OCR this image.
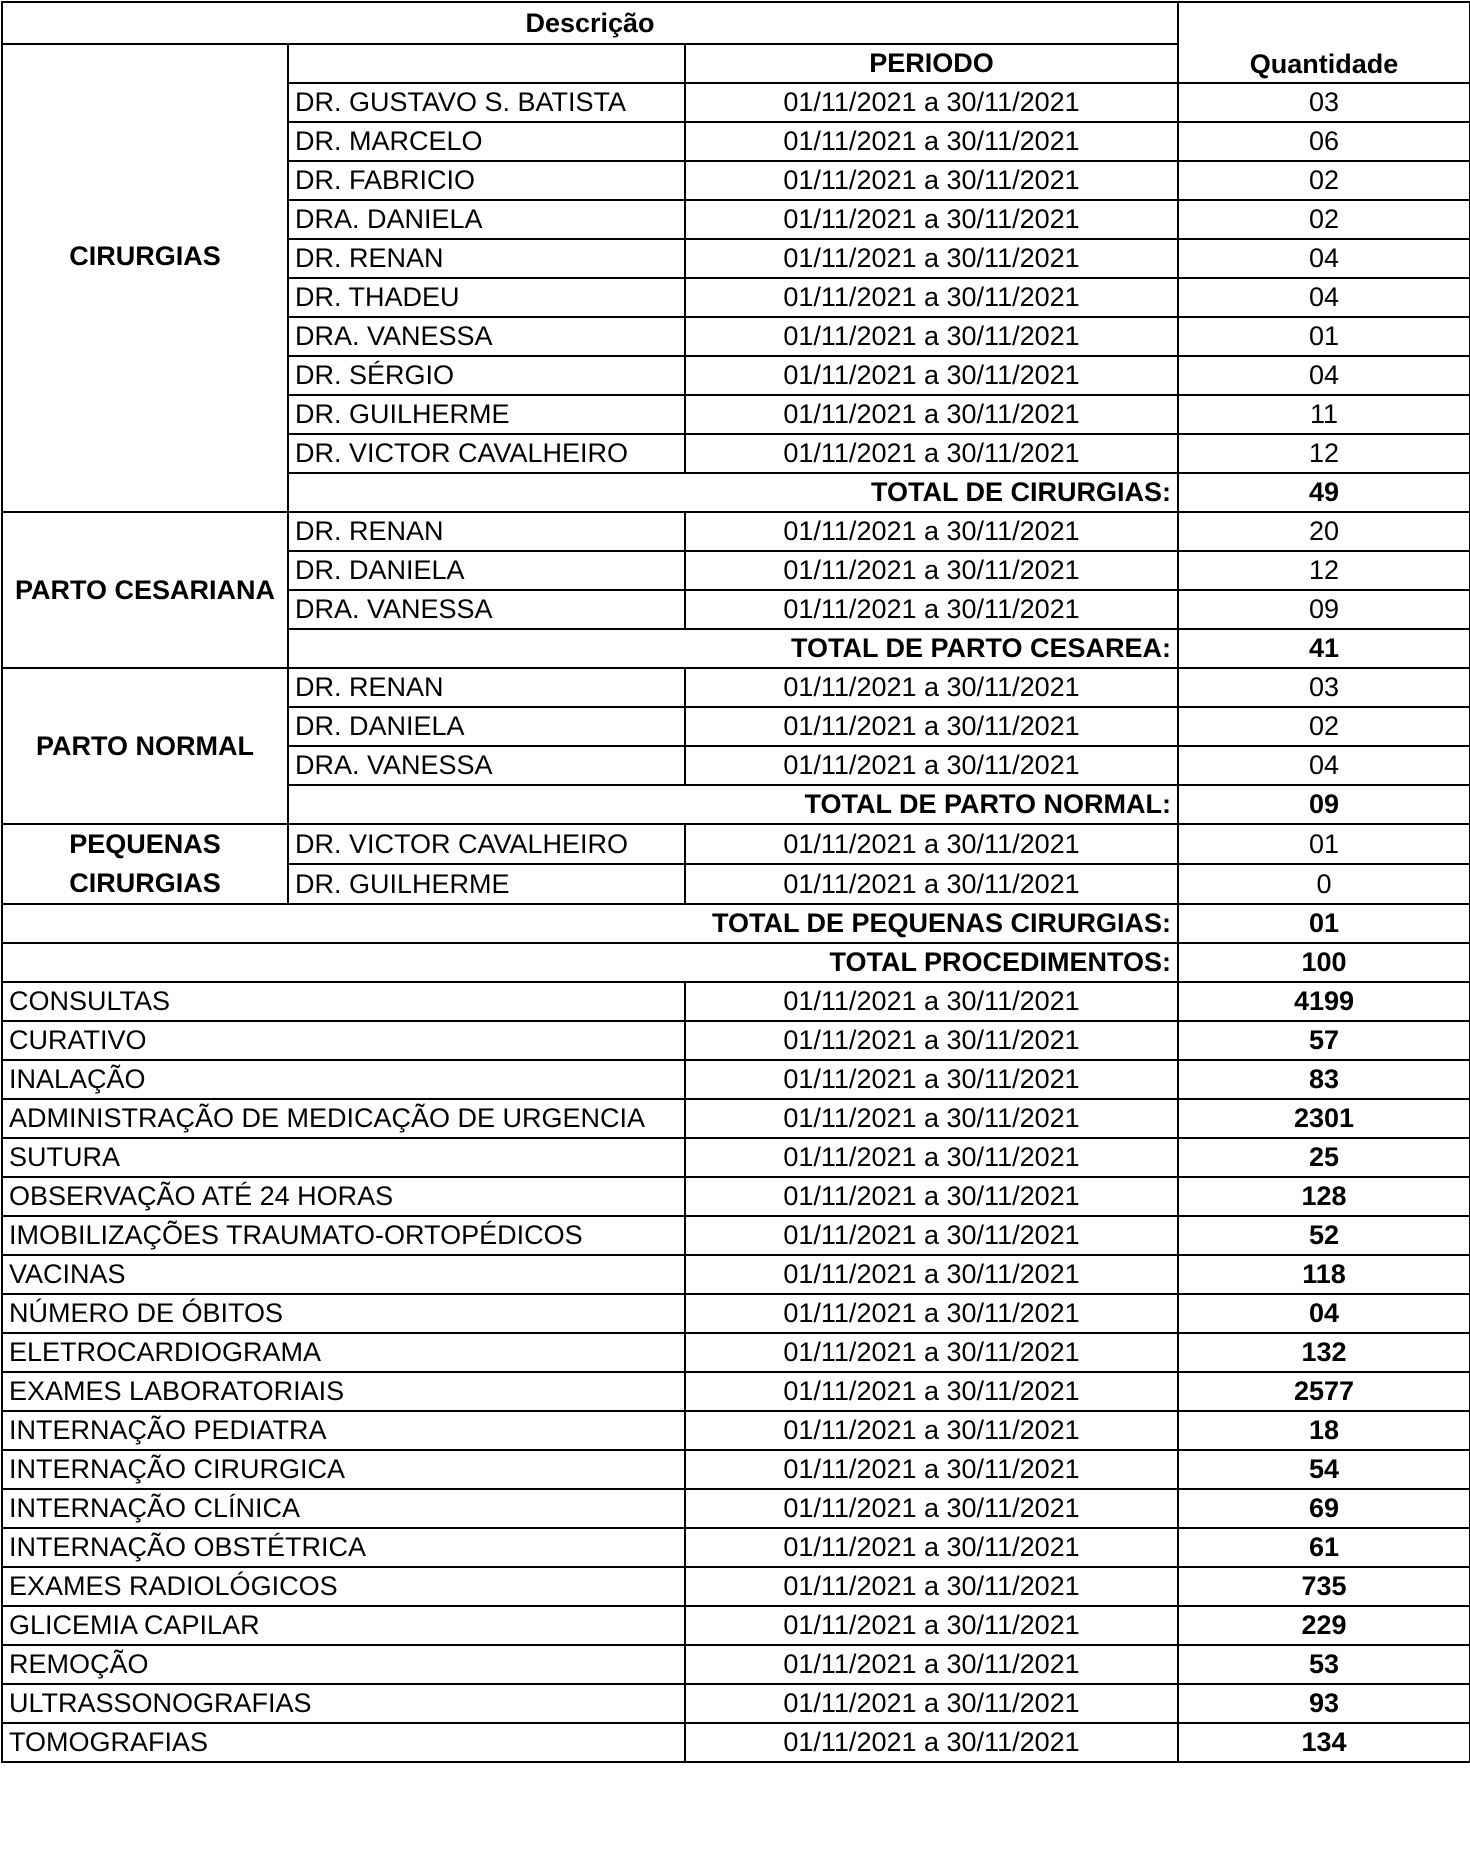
Descrição			Quantidade
		PERIODO	
CIRURGIAS	DR. GUSTAVO S. BATISTA	01/11/2021 a 30/11/2021	03
	DR. MARCELO	01/11/2021 a 30/11/2021	06
	DR. FABRICIO	01/11/2021 a 30/11/2021	02
	DRA. DANIELA	01/11/2021 a 30/11/2021	02
	DR. RENAN	01/11/2021 a 30/11/2021	04
	DR. THADEU	01/11/2021 a 30/11/2021	04
	DRA. VANESSA	01/11/2021 a 30/11/2021	01
	DR. SÉRGIO	01/11/2021 a 30/11/2021	04
	DR. GUILHERME	01/11/2021 a 30/11/2021	11
	DR. VICTOR CAVALHEIRO	01/11/2021 a 30/11/2021	12
	TOTAL DE CIRURGIAS:		49
PARTO CESARIANA	DR. RENAN	01/11/2021 a 30/11/2021	20
	DR. DANIELA	01/11/2021 a 30/11/2021	12
	DRA. VANESSA	01/11/2021 a 30/11/2021	09
	TOTAL DE PARTO CESAREA:		41
PARTO NORMAL	DR. RENAN	01/11/2021 a 30/11/2021	03
	DR. DANIELA	01/11/2021 a 30/11/2021	02
	DRA. VANESSA	01/11/2021 a 30/11/2021	04
	TOTAL DE PARTO NORMAL:		09
PEQUENAS CIRURGIAS	DR. VICTOR CAVALHEIRO	01/11/2021 a 30/11/2021	01
	DR. GUILHERME	01/11/2021 a 30/11/2021	0
TOTAL DE PEQUENAS CIRURGIAS:			01
TOTAL PROCEDIMENTOS:			100
CONSULTAS		01/11/2021 a 30/11/2021	4199
CURATIVO		01/11/2021 a 30/11/2021	57
INALAÇÃO		01/11/2021 a 30/11/2021	83
ADMINISTRAÇÃO DE MEDICAÇÃO DE URGENCIA		01/11/2021 a 30/11/2021	2301
SUTURA		01/11/2021 a 30/11/2021	25
OBSERVAÇÃO ATÉ 24 HORAS		01/11/2021 a 30/11/2021	128
IMOBILIZAÇÕES TRAUMATO-ORTOPÉDICOS		01/11/2021 a 30/11/2021	52
VACINAS		01/11/2021 a 30/11/2021	118
NÚMERO DE ÓBITOS		01/11/2021 a 30/11/2021	04
ELETROCARDIOGRAMA		01/11/2021 a 30/11/2021	132
EXAMES LABORATORIAIS		01/11/2021 a 30/11/2021	2577
INTERNAÇÃO PEDIATRA		01/11/2021 a 30/11/2021	18
INTERNAÇÃO CIRURGICA		01/11/2021 a 30/11/2021	54
INTERNAÇÃO CLÍNICA		01/11/2021 a 30/11/2021	69
INTERNAÇÃO OBSTÉTRICA		01/11/2021 a 30/11/2021	61
EXAMES RADIOLÓGICOS		01/11/2021 a 30/11/2021	735
GLICEMIA CAPILAR		01/11/2021 a 30/11/2021	229
REMOÇÃO		01/11/2021 a 30/11/2021	53
ULTRASSONOGRAFIAS		01/11/2021 a 30/11/2021	93
TOMOGRAFIAS		01/11/2021 a 30/11/2021	134
